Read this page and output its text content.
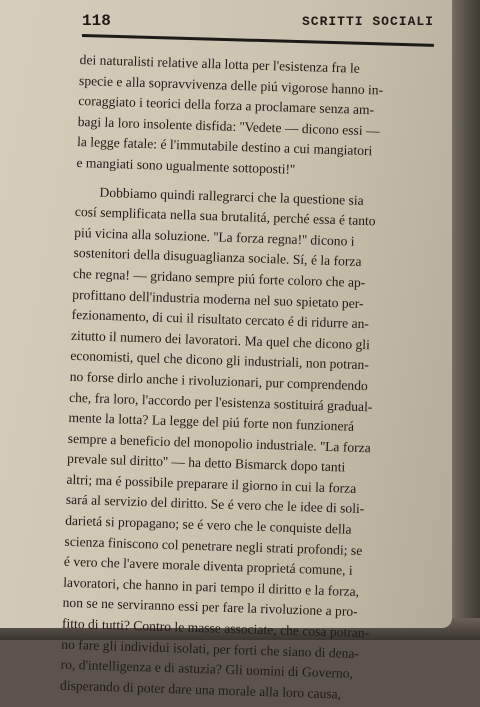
118	SCRITTI SOCIALI
dei naturalisti relative alla lotta per l'esistenza fra le
specie e alla sopravvivenza delle piú vigorose hanno in-
coraggiato i teorici della forza a proclamare senza am-
bagi la loro insolente disfida: ''Vedete — dicono essi —
la legge fatale: é l'immutabile destino a cui mangiatori
e mangiati sono ugualmente sottoposti!''
Dobbiamo quindi rallegrarci che la questione sia
cosí semplificata nella sua brutalitá, perché essa é tanto
piú vicina alla soluzione. ''La forza regna!'' dicono i
sostenitori della disuguaglianza sociale. Sí, é la forza
che regna! — gridano sempre piú forte coloro che ap-
profittano dell'industria moderna nel suo spietato per-
fezionamento, di cui il risultato cercato é di ridurre an-
zitutto il numero dei lavoratori. Ma quel che dicono gli
economisti, quel che dicono gli industriali, non potran-
no forse dirlo anche i rivoluzionari, pur comprendendo
che, fra loro, l'accordo per l'esistenza sostituirá gradual-
mente la lotta? La legge del piú forte non funzionerá
sempre a beneficio del monopolio industriale. ''La forza
prevale sul diritto'' — ha detto Bismarck dopo tanti
altri; ma é possibile preparare il giorno in cui la forza
sará al servizio del diritto. Se é vero che le idee di soli-
darietá si propagano; se é vero che le conquiste della
scienza finiscono col penetrare negli strati profondi; se
é vero che l'avere morale diventa proprietá comune, i
lavoratori, che hanno in pari tempo il diritto e la forza,
non se ne serviranno essi per fare la rivoluzione a pro-
fitto di tutti? Contro le masse associate, che cosa potran-
no fare gli individui isolati, per forti che siano di dena-
ro, d'intelligenza e di astuzia? Gli uomini di Governo,
disperando di poter dare una morale alla loro causa,
